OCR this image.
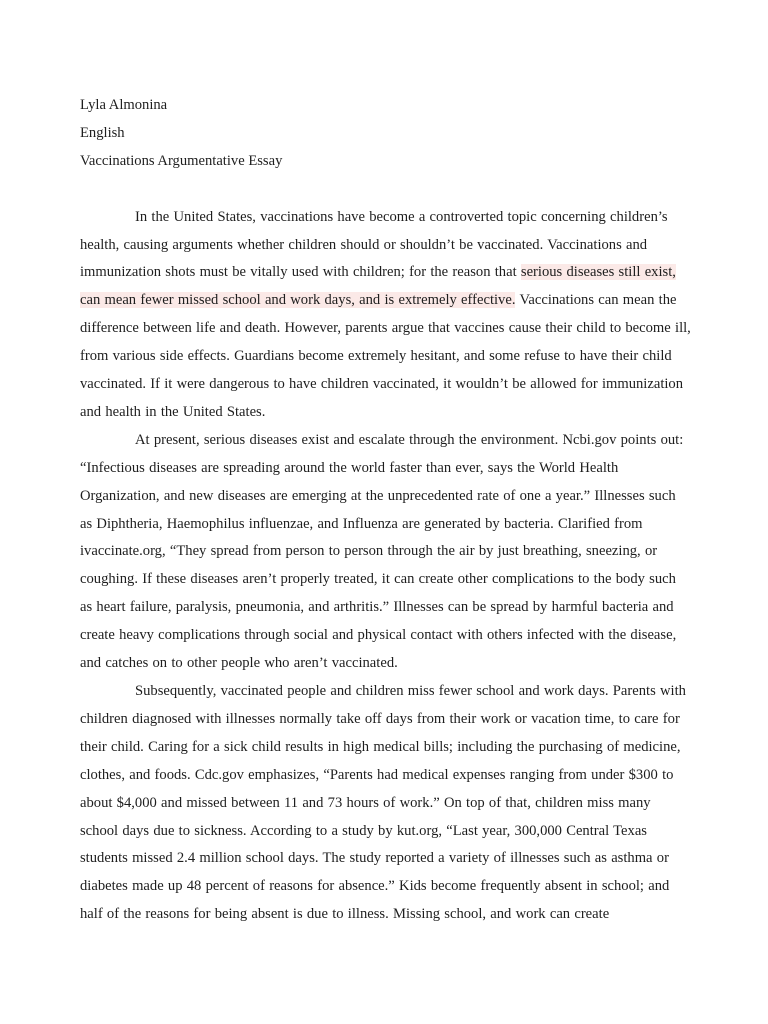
Lyla Almonina
English
Vaccinations Argumentative Essay

In the United States, vaccinations have become a controverted topic concerning children’s health, causing arguments whether children should or shouldn’t be vaccinated. Vaccinations and immunization shots must be vitally used with children; for the reason that serious diseases still exist, can mean fewer missed school and work days, and is extremely effective. Vaccinations can mean the difference between life and death. However, parents argue that vaccines cause their child to become ill, from various side effects. Guardians become extremely hesitant, and some refuse to have their child vaccinated. If it were dangerous to have children vaccinated, it wouldn’t be allowed for immunization and health in the United States.

At present, serious diseases exist and escalate through the environment. Ncbi.gov points out: “Infectious diseases are spreading around the world faster than ever, says the World Health Organization, and new diseases are emerging at the unprecedented rate of one a year.” Illnesses such as Diphtheria, Haemophilus influenzae, and Influenza are generated by bacteria. Clarified from ivaccinate.org, “They spread from person to person through the air by just breathing, sneezing, or coughing. If these diseases aren’t properly treated, it can create other complications to the body such as heart failure, paralysis, pneumonia, and arthritis.” Illnesses can be spread by harmful bacteria and create heavy complications through social and physical contact with others infected with the disease, and catches on to other people who aren’t vaccinated.

Subsequently, vaccinated people and children miss fewer school and work days. Parents with children diagnosed with illnesses normally take off days from their work or vacation time, to care for their child. Caring for a sick child results in high medical bills; including the purchasing of medicine, clothes, and foods. Cdc.gov emphasizes, “Parents had medical expenses ranging from under $300 to about $4,000 and missed between 11 and 73 hours of work.” On top of that, children miss many school days due to sickness. According to a study by kut.org, “Last year, 300,000 Central Texas students missed 2.4 million school days. The study reported a variety of illnesses such as asthma or diabetes made up 48 percent of reasons for absence.” Kids become frequently absent in school; and half of the reasons for being absent is due to illness. Missing school, and work can create
